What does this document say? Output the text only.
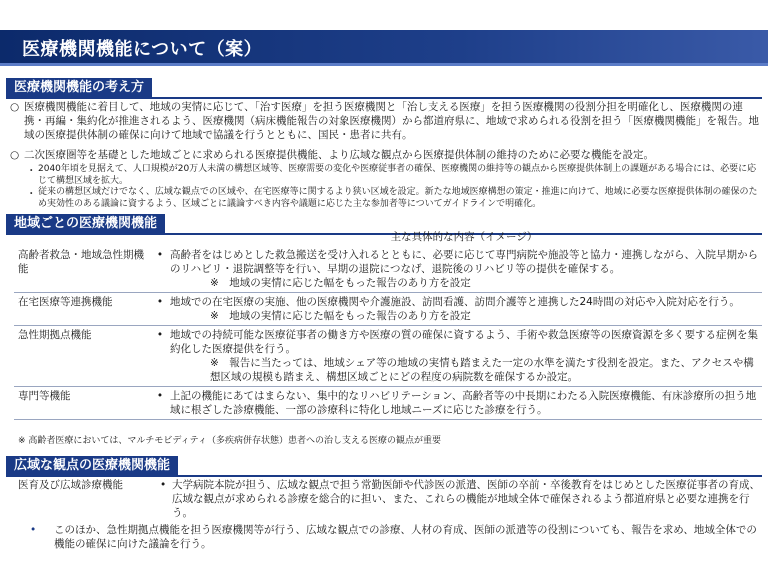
医療機関機能について（案）
医療機関機能の考え方
○ 医療機関機能に着目して、地域の実情に応じて、「治す医療」を担う医療機関と「治し支える医療」を担う医療機関の役割分担を明確化し、医療機関の連携・再編・集約化が推進されるよう、医療機関（病床機能報告の対象医療機関）から都道府県に、地域で求められる役割を担う「医療機関機能」を報告。地域の医療提供体制の確保に向けて地域で協議を行うとともに、国民・患者に共有。
○ 二次医療圏等を基礎とした地域ごとに求められる医療提供機能、より広域な観点から医療提供体制の維持のために必要な機能を設定。
・ 2040年頃を見据えて、人口規模が20万人未満の構想区域等、医療需要の変化や医療従事者の確保、医療機関の維持等の観点から医療提供体制上の課題がある場合には、必要に応じて構想区域を拡大。
・ 従来の構想区域だけでなく、広域な観点での区域や、在宅医療等に関するより狭い区域を設定。新たな地域医療構想の策定・推進に向けて、地域に必要な医療提供体制の確保のため実効性のある議論に資するよう、区域ごとに議論すべき内容や議題に応じた主な参加者等についてガイドラインで明確化。
地域ごとの医療機関機能
		主な具体的な内容（イメージ）
高齢者救急・地域急性期機能	•	高齢者をはじめとした救急搬送を受け入れるとともに、必要に応じて専門病院や施設等と協力・連携しながら、入院早期からのリハビリ・退院調整等を行い、早期の退院につなげ、退院後のリハビリ等の提供を確保する。
※　地域の実情に応じた幅をもった報告のあり方を設定

在宅医療等連携機能	•	地域での在宅医療の実施、他の医療機関や介護施設、訪問看護、訪問介護等と連携した24時間の対応や入院対応を行う。
※　地域の実情に応じた幅をもった報告のあり方を設定

急性期拠点機能	•	地域での持続可能な医療従事者の働き方や医療の質の確保に資するよう、手術や救急医療等の医療資源を多く要する症例を集約化した医療提供を行う。
※　報告に当たっては、地域シェア等の地域の実情も踏まえた一定の水準を満たす役割を設定。また、アクセスや構想区域の規模も踏まえ、構想区域ごとにどの程度の病院数を確保するか設定。

専門等機能	•	上記の機能にあてはまらない、集中的なリハビリテーション、高齢者等の中長期にわたる入院医療機能、有床診療所の担う地域に根ざした診療機能、一部の診療科に特化し地域ニーズに応じた診療を行う。
※ 高齢者医療においては、マルチモビディティ（多疾病併存状態）患者への治し支える医療の観点が重要
広域な観点の医療機関機能
医育及び広域診療機能	• 大学病院本院が担う、広域な観点で担う常勤医師や代診医の派遣、医師の卒前・卒後教育をはじめとした医療従事者の育成、広域な観点が求められる診療を総合的に担い、また、これらの機能が地域全体で確保されるよう都道府県と必要な連携を行う。
• このほか、急性期拠点機能を担う医療機関等が行う、広域な観点での診療、人材の育成、医師の派遣等の役割についても、報告を求め、地域全体での機能の確保に向けた議論を行う。
